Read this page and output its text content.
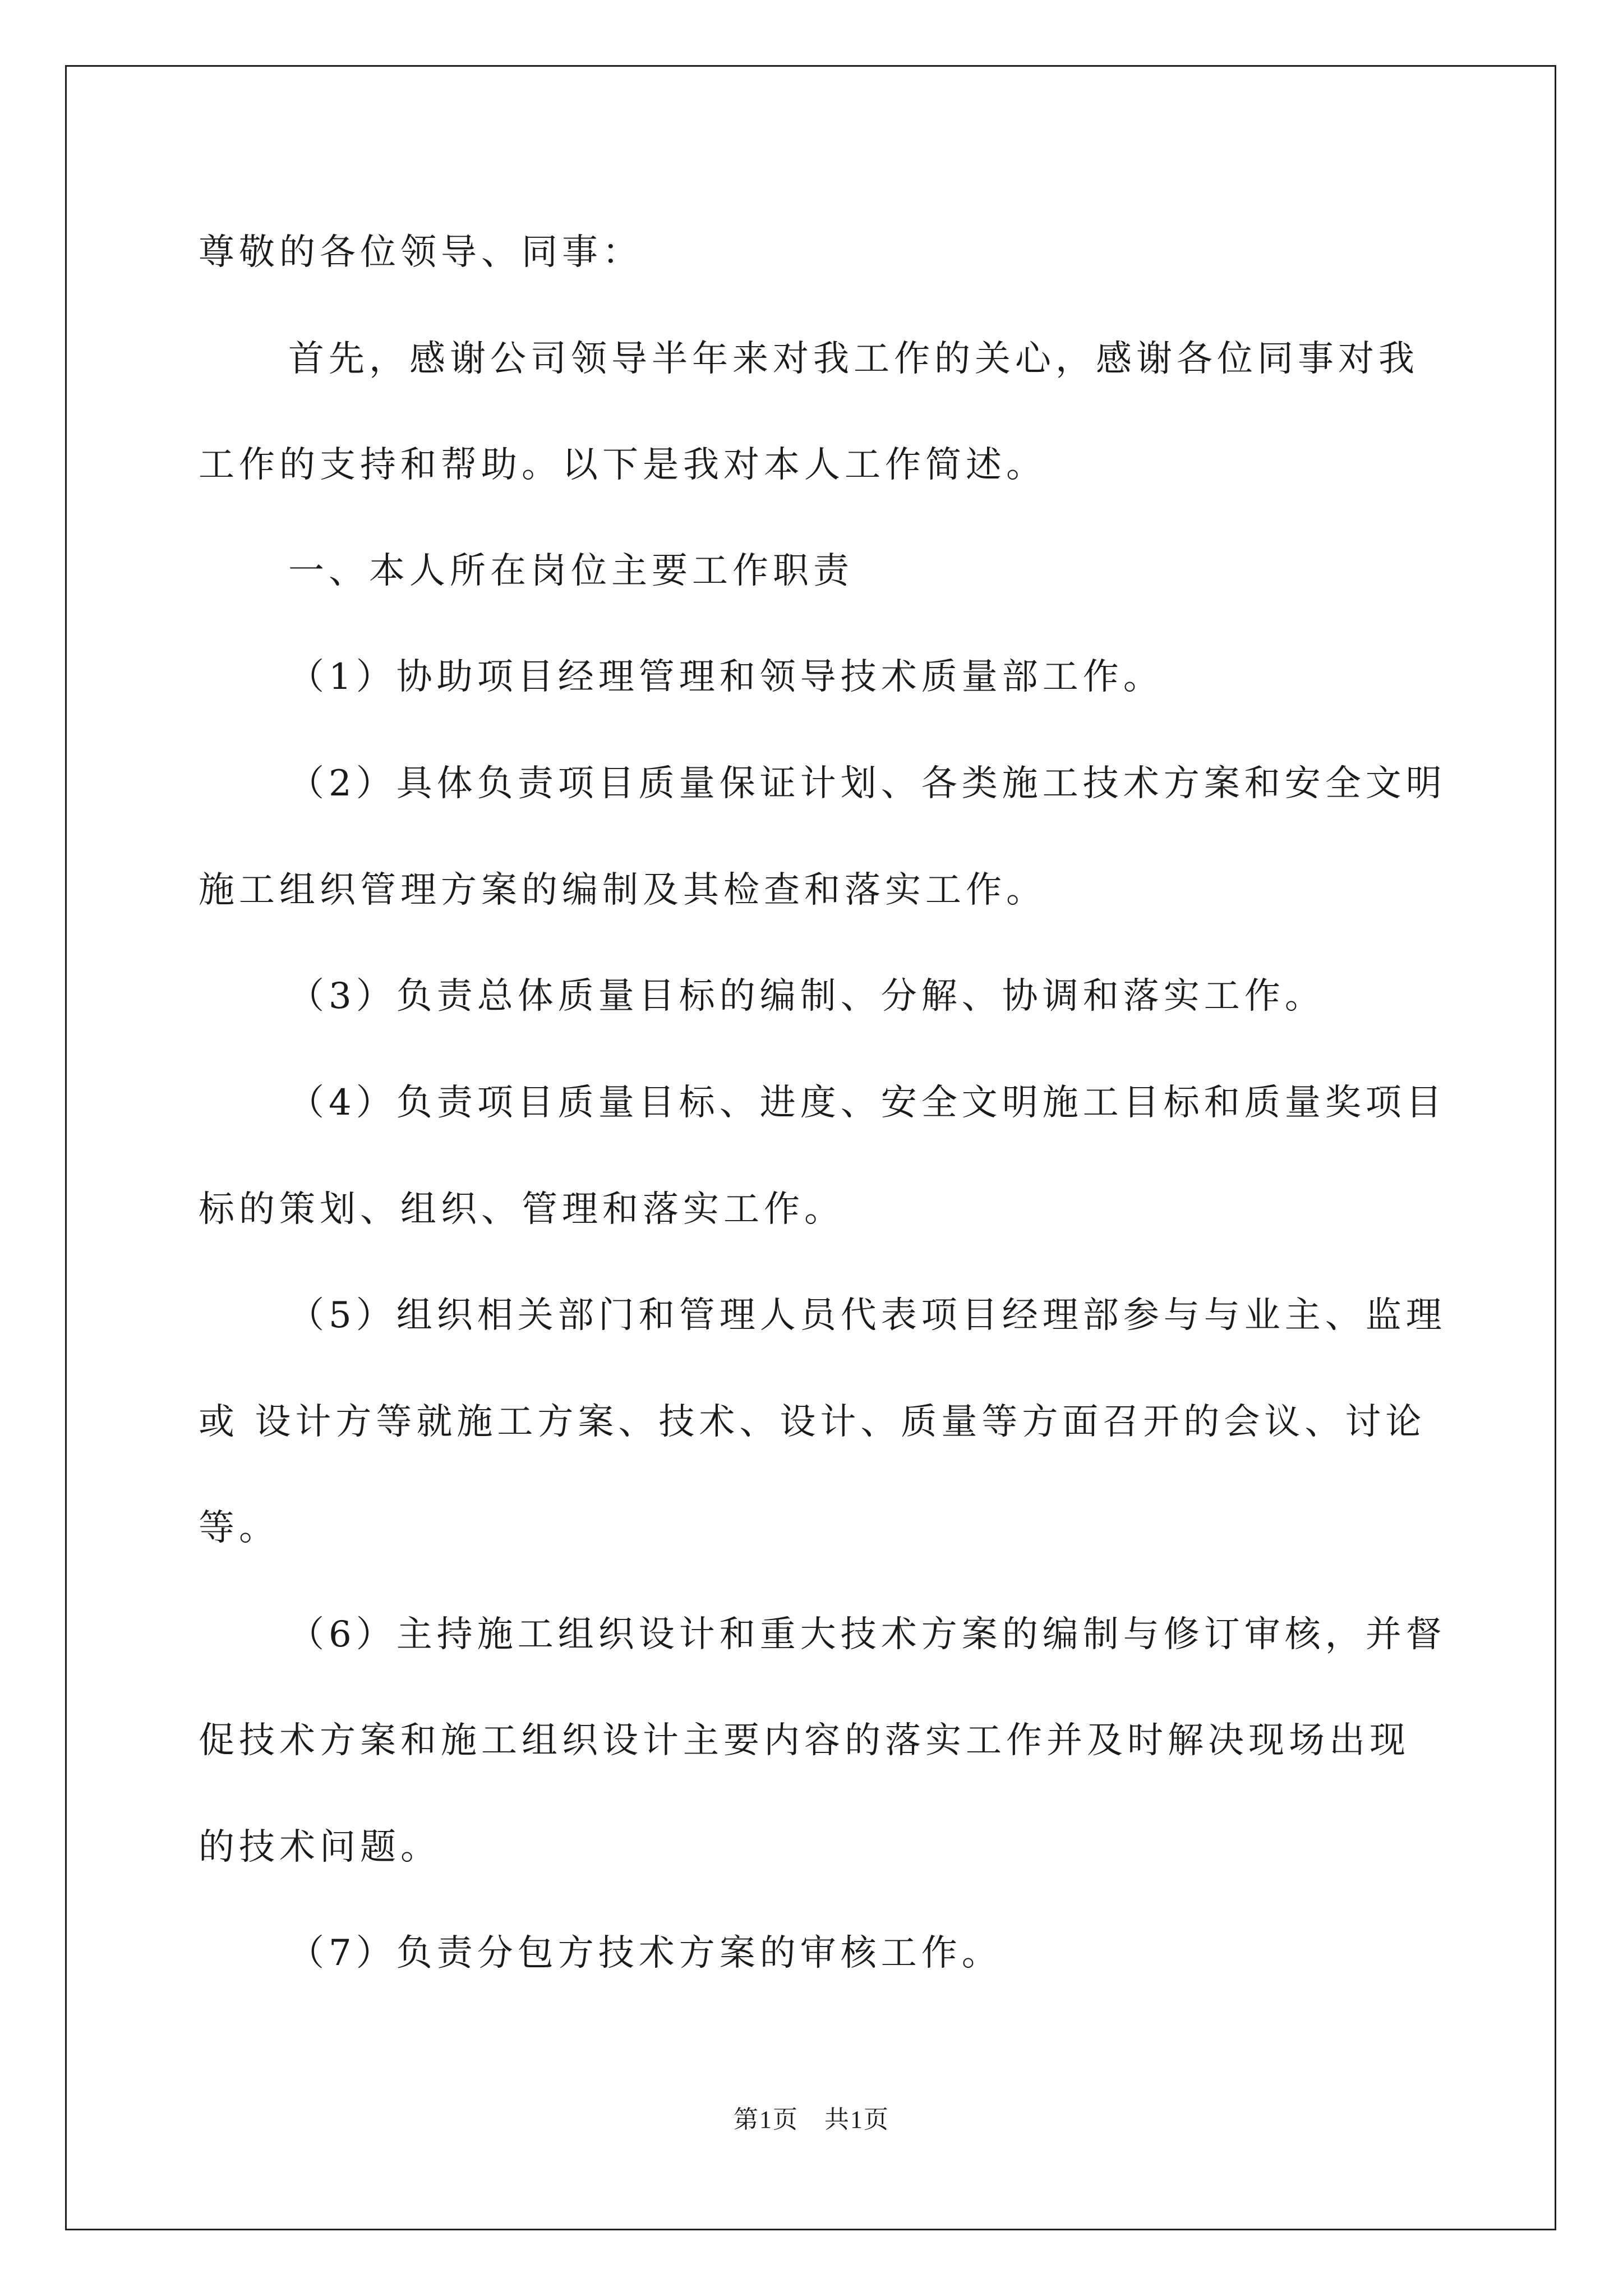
尊敬的各位领导、同事：
首先，感谢公司领导半年来对我工作的关心，感谢各位同事对我
工作的支持和帮助。以下是我对本人工作简述。
一、本人所在岗位主要工作职责
（1）协助项目经理管理和领导技术质量部工作。
（2）具体负责项目质量保证计划、各类施工技术方案和安全文明
施工组织管理方案的编制及其检查和落实工作。
（3）负责总体质量目标的编制、分解、协调和落实工作。
（4）负责项目质量目标、进度、安全文明施工目标和质量奖项目
标的策划、组织、管理和落实工作。
（5）组织相关部门和管理人员代表项目经理部参与与业主、监理
或 设计方等就施工方案、技术、设计、质量等方面召开的会议、讨论
等。
（6）主持施工组织设计和重大技术方案的编制与修订审核，并督
促技术方案和施工组织设计主要内容的落实工作并及时解决现场出现
的技术问题。
（7）负责分包方技术方案的审核工作。
第1页　共1页
